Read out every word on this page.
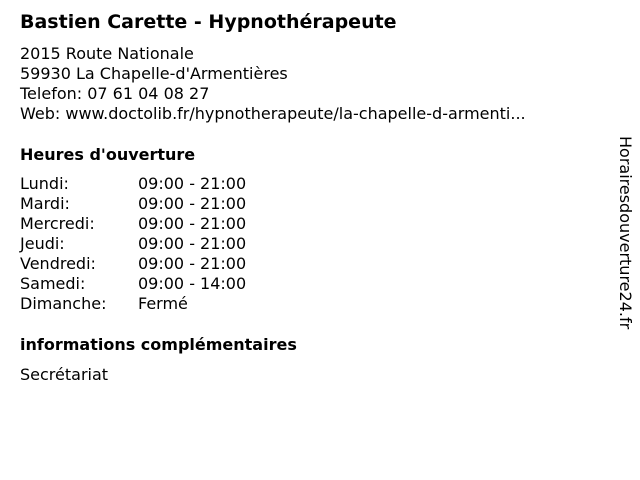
Bastien Carette - Hypnothérapeute
2015 Route Nationale
59930 La Chapelle-d'Armentières
Telefon: 07 61 04 08 27
Web: www.doctolib.fr/hypnotherapeute/la-chapelle-d-armenti...
Heures d'ouverture
Lundi:	09:00 - 21:00
Mardi:	09:00 - 21:00
Mercredi:	09:00 - 21:00
Jeudi:	09:00 - 21:00
Vendredi:	09:00 - 21:00
Samedi:	09:00 - 14:00
Dimanche: Fermé
informations complémentaires
Secrétariat
Horairesdouverture24.fr
